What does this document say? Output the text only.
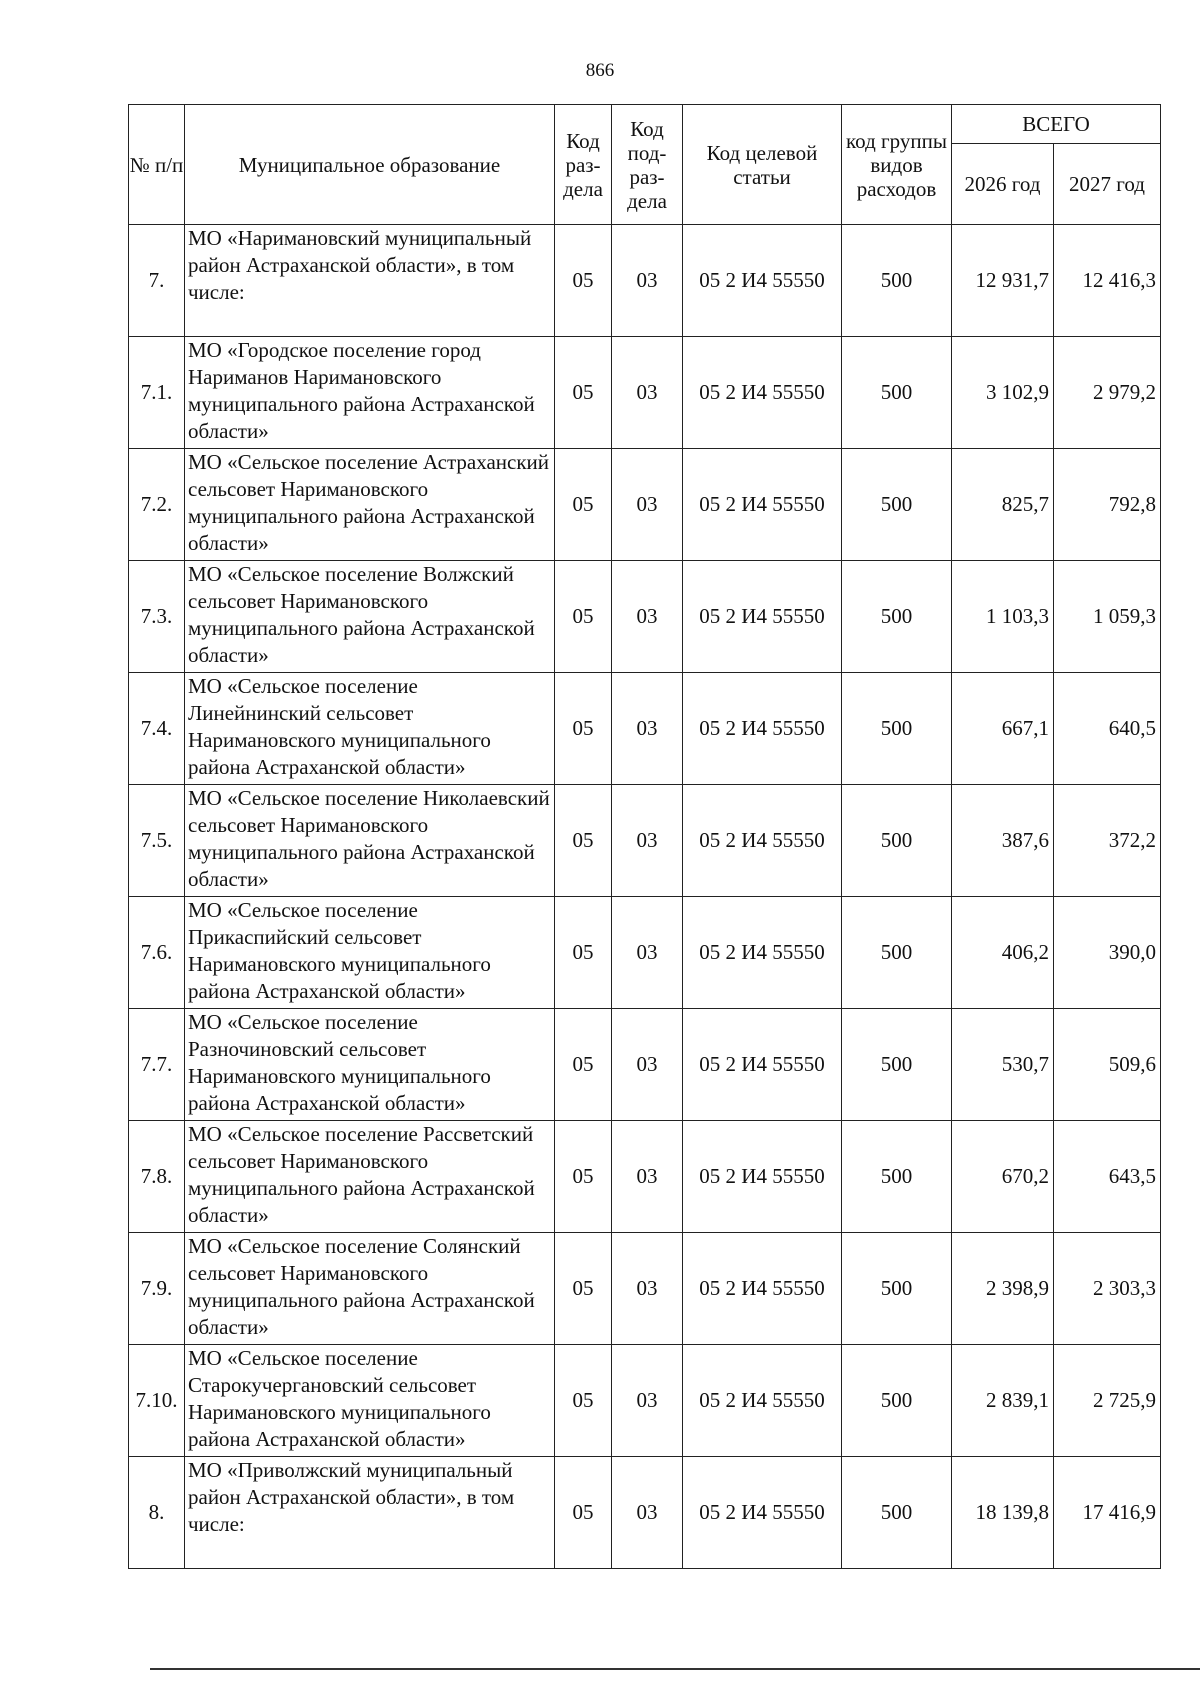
866
№ п/п	Муниципальное образование	Код раз-дела	Код под-раз-дела	Код целевой статьи	код группы видов расходов	ВСЕГО	
						2026 год	2027 год
7.	МО «Наримановский муниципальный район Астраханской области», в том числе:	05	03	05 2 И4 55550	500	12 931,7	12 416,3
7.1.	МО «Городское поселение город Нариманов Наримановского муниципального района Астраханской области»	05	03	05 2 И4 55550	500	3 102,9	2 979,2
7.2.	МО «Сельское поселение Астраханский сельсовет Наримановского муниципального района Астраханской области»	05	03	05 2 И4 55550	500	825,7	792,8
7.3.	МО «Сельское поселение Волжский сельсовет Наримановского муниципального района Астраханской области»	05	03	05 2 И4 55550	500	1 103,3	1 059,3
7.4.	МО «Сельское поселение Линейнинский сельсовет Наримановского муниципального района Астраханской области»	05	03	05 2 И4 55550	500	667,1	640,5
7.5.	МО «Сельское поселение Николаевский сельсовет Наримановского муниципального района Астраханской области»	05	03	05 2 И4 55550	500	387,6	372,2
7.6.	МО «Сельское поселение Прикаспийский сельсовет Наримановского муниципального района Астраханской области»	05	03	05 2 И4 55550	500	406,2	390,0
7.7.	МО «Сельское поселение Разночиновский сельсовет Наримановского муниципального района Астраханской области»	05	03	05 2 И4 55550	500	530,7	509,6
7.8.	МО «Сельское поселение Рассветский сельсовет Наримановского муниципального района Астраханской области»	05	03	05 2 И4 55550	500	670,2	643,5
7.9.	МО «Сельское поселение Солянский сельсовет Наримановского муниципального района Астраханской области»	05	03	05 2 И4 55550	500	2 398,9	2 303,3
7.10.	МО «Сельское поселение Старокучергановский сельсовет Наримановского муниципального района Астраханской области»	05	03	05 2 И4 55550	500	2 839,1	2 725,9
8.	МО «Приволжский муниципальный район Астраханской области», в том числе:	05	03	05 2 И4 55550	500	18 139,8	17 416,9
